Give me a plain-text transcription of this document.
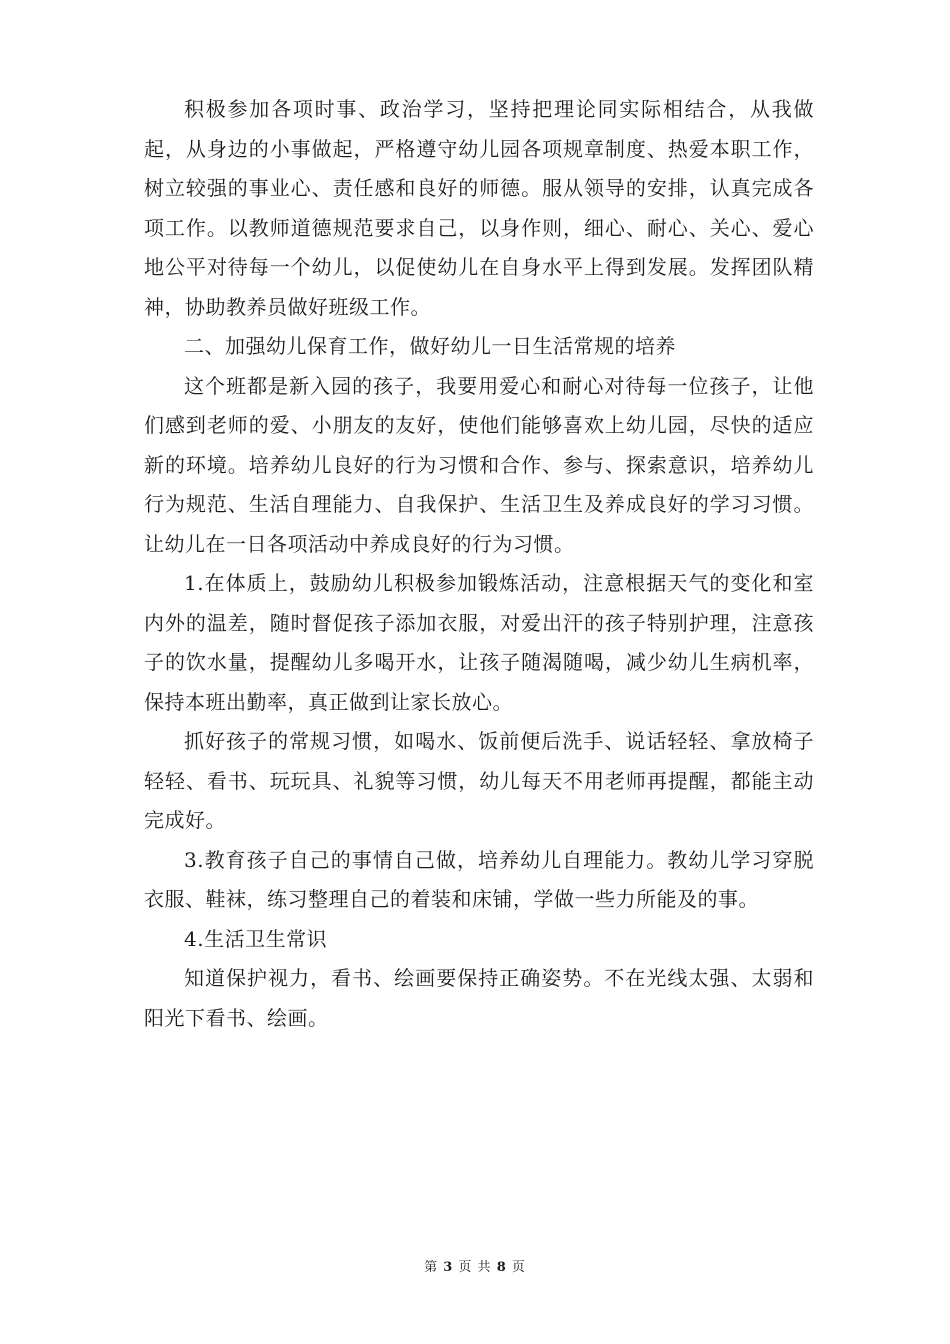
积极参加各项时事、政治学习，坚持把理论同实际相结合，从我做起，从身边的小事做起，严格遵守幼儿园各项规章制度、热爱本职工作，树立较强的事业心、责任感和良好的师德。服从领导的安排，认真完成各项工作。以教师道德规范要求自己，以身作则，细心、耐心、关心、爱心地公平对待每一个幼儿，以促使幼儿在自身水平上得到发展。发挥团队精神，协助教养员做好班级工作。

二、加强幼儿保育工作，做好幼儿一日生活常规的培养

这个班都是新入园的孩子，我要用爱心和耐心对待每一位孩子，让他们感到老师的爱、小朋友的友好，使他们能够喜欢上幼儿园，尽快的适应新的环境。培养幼儿良好的行为习惯和合作、参与、探索意识，培养幼儿行为规范、生活自理能力、自我保护、生活卫生及养成良好的学习习惯。让幼儿在一日各项活动中养成良好的行为习惯。

1.在体质上，鼓励幼儿积极参加锻炼活动，注意根据天气的变化和室内外的温差，随时督促孩子添加衣服，对爱出汗的孩子特别护理，注意孩子的饮水量，提醒幼儿多喝开水，让孩子随渴随喝，减少幼儿生病机率，保持本班出勤率，真正做到让家长放心。

抓好孩子的常规习惯，如喝水、饭前便后洗手、说话轻轻、拿放椅子轻轻、看书、玩玩具、礼貌等习惯，幼儿每天不用老师再提醒，都能主动完成好。

3.教育孩子自己的事情自己做，培养幼儿自理能力。教幼儿学习穿脱衣服、鞋袜，练习整理自己的着装和床铺，学做一些力所能及的事。

4.生活卫生常识

知道保护视力，看书、绘画要保持正确姿势。不在光线太强、太弱和阳光下看书、绘画。

第 3 页 共 8 页
